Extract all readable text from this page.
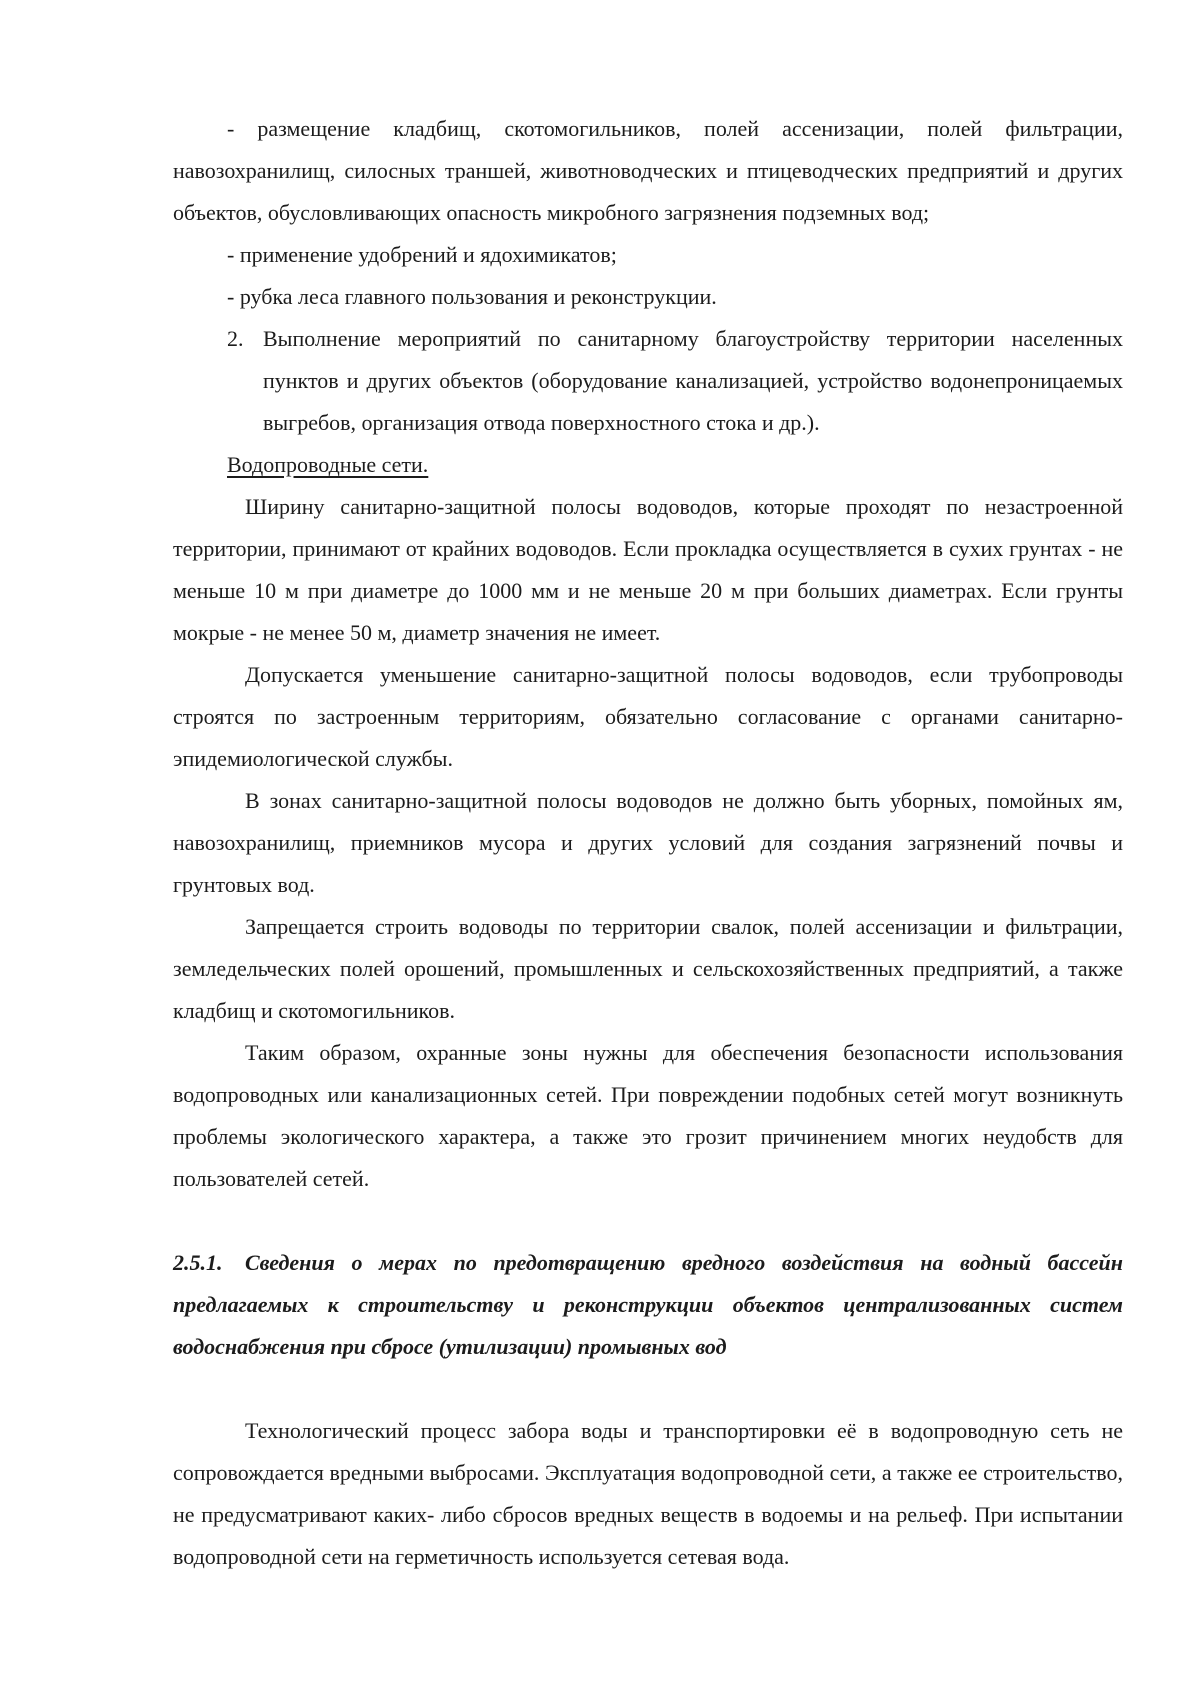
- размещение кладбищ, скотомогильников, полей ассенизации, полей фильтрации, навозохранилищ, силосных траншей, животноводческих и птицеводческих предприятий и других объектов, обусловливающих опасность микробного загрязнения подземных вод;

- применение удобрений и ядохимикатов;

- рубка леса главного пользования и реконструкции.

2. Выполнение мероприятий по санитарному благоустройству территории населенных пунктов и других объектов (оборудование канализацией, устройство водонепроницаемых выгребов, организация отвода поверхностного стока и др.).

Водопроводные сети.

Ширину санитарно-защитной полосы водоводов, которые проходят по незастроенной территории, принимают от крайних водоводов. Если прокладка осуществляется в сухих грунтах - не меньше 10 м при диаметре до 1000 мм и не меньше 20 м при больших диаметрах. Если грунты мокрые - не менее 50 м, диаметр значения не имеет.

Допускается уменьшение санитарно-защитной полосы водоводов, если трубопроводы строятся по застроенным территориям, обязательно согласование с органами санитарно-эпидемиологической службы.

В зонах санитарно-защитной полосы водоводов не должно быть уборных, помойных ям, навозохранилищ, приемников мусора и других условий для создания загрязнений почвы и грунтовых вод.

Запрещается строить водоводы по территории свалок, полей ассенизации и фильтрации, земледельческих полей орошений, промышленных и сельскохозяйственных предприятий, а также кладбищ и скотомогильников.

Таким образом, охранные зоны нужны для обеспечения безопасности использования водопроводных или канализационных сетей. При повреждении подобных сетей могут возникнуть проблемы экологического характера, а также это грозит причинением многих неудобств для пользователей сетей.

2.5.1. Сведения о мерах по предотвращению вредного воздействия на водный бассейн предлагаемых к строительству и реконструкции объектов централизованных систем водоснабжения при сбросе (утилизации) промывных вод

Технологический процесс забора воды и транспортировки её в водопроводную сеть не сопровождается вредными выбросами. Эксплуатация водопроводной сети, а также ее строительство, не предусматривают каких- либо сбросов вредных веществ в водоемы и на рельеф. При испытании водопроводной сети на герметичность используется сетевая вода.
